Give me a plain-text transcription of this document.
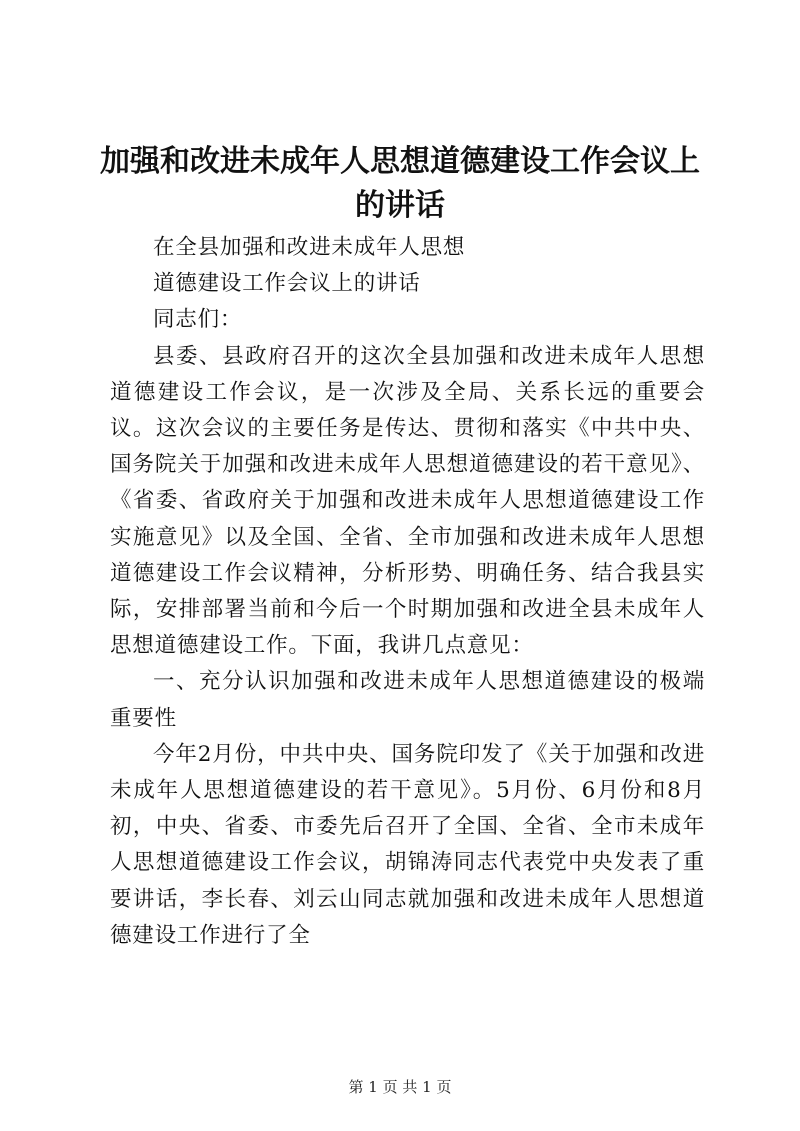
加强和改进未成年人思想道德建设工作会议上的讲话
在全县加强和改进未成年人思想
道德建设工作会议上的讲话
同志们：

县委、县政府召开的这次全县加强和改进未成年人思想道德建设工作会议，是一次涉及全局、关系长远的重要会议。这次会议的主要任务是传达、贯彻和落实《中共中央、国务院关于加强和改进未成年人思想道德建设的若干意见》、《省委、省政府关于加强和改进未成年人思想道德建设工作实施意见》以及全国、全省、全市加强和改进未成年人思想道德建设工作会议精神，分析形势、明确任务、结合我县实际，安排部署当前和今后一个时期加强和改进全县未成年人思想道德建设工作。下面，我讲几点意见：

一、充分认识加强和改进未成年人思想道德建设的极端重要性

今年2月份，中共中央、国务院印发了《关于加强和改进未成年人思想道德建设的若干意见》。5月份、6月份和8月初，中央、省委、市委先后召开了全国、全省、全市未成年人思想道德建设工作会议，胡锦涛同志代表党中央发表了重要讲话，李长春、刘云山同志就加强和改进未成年人思想道德建设工作进行了全

第 1 页 共 1 页
